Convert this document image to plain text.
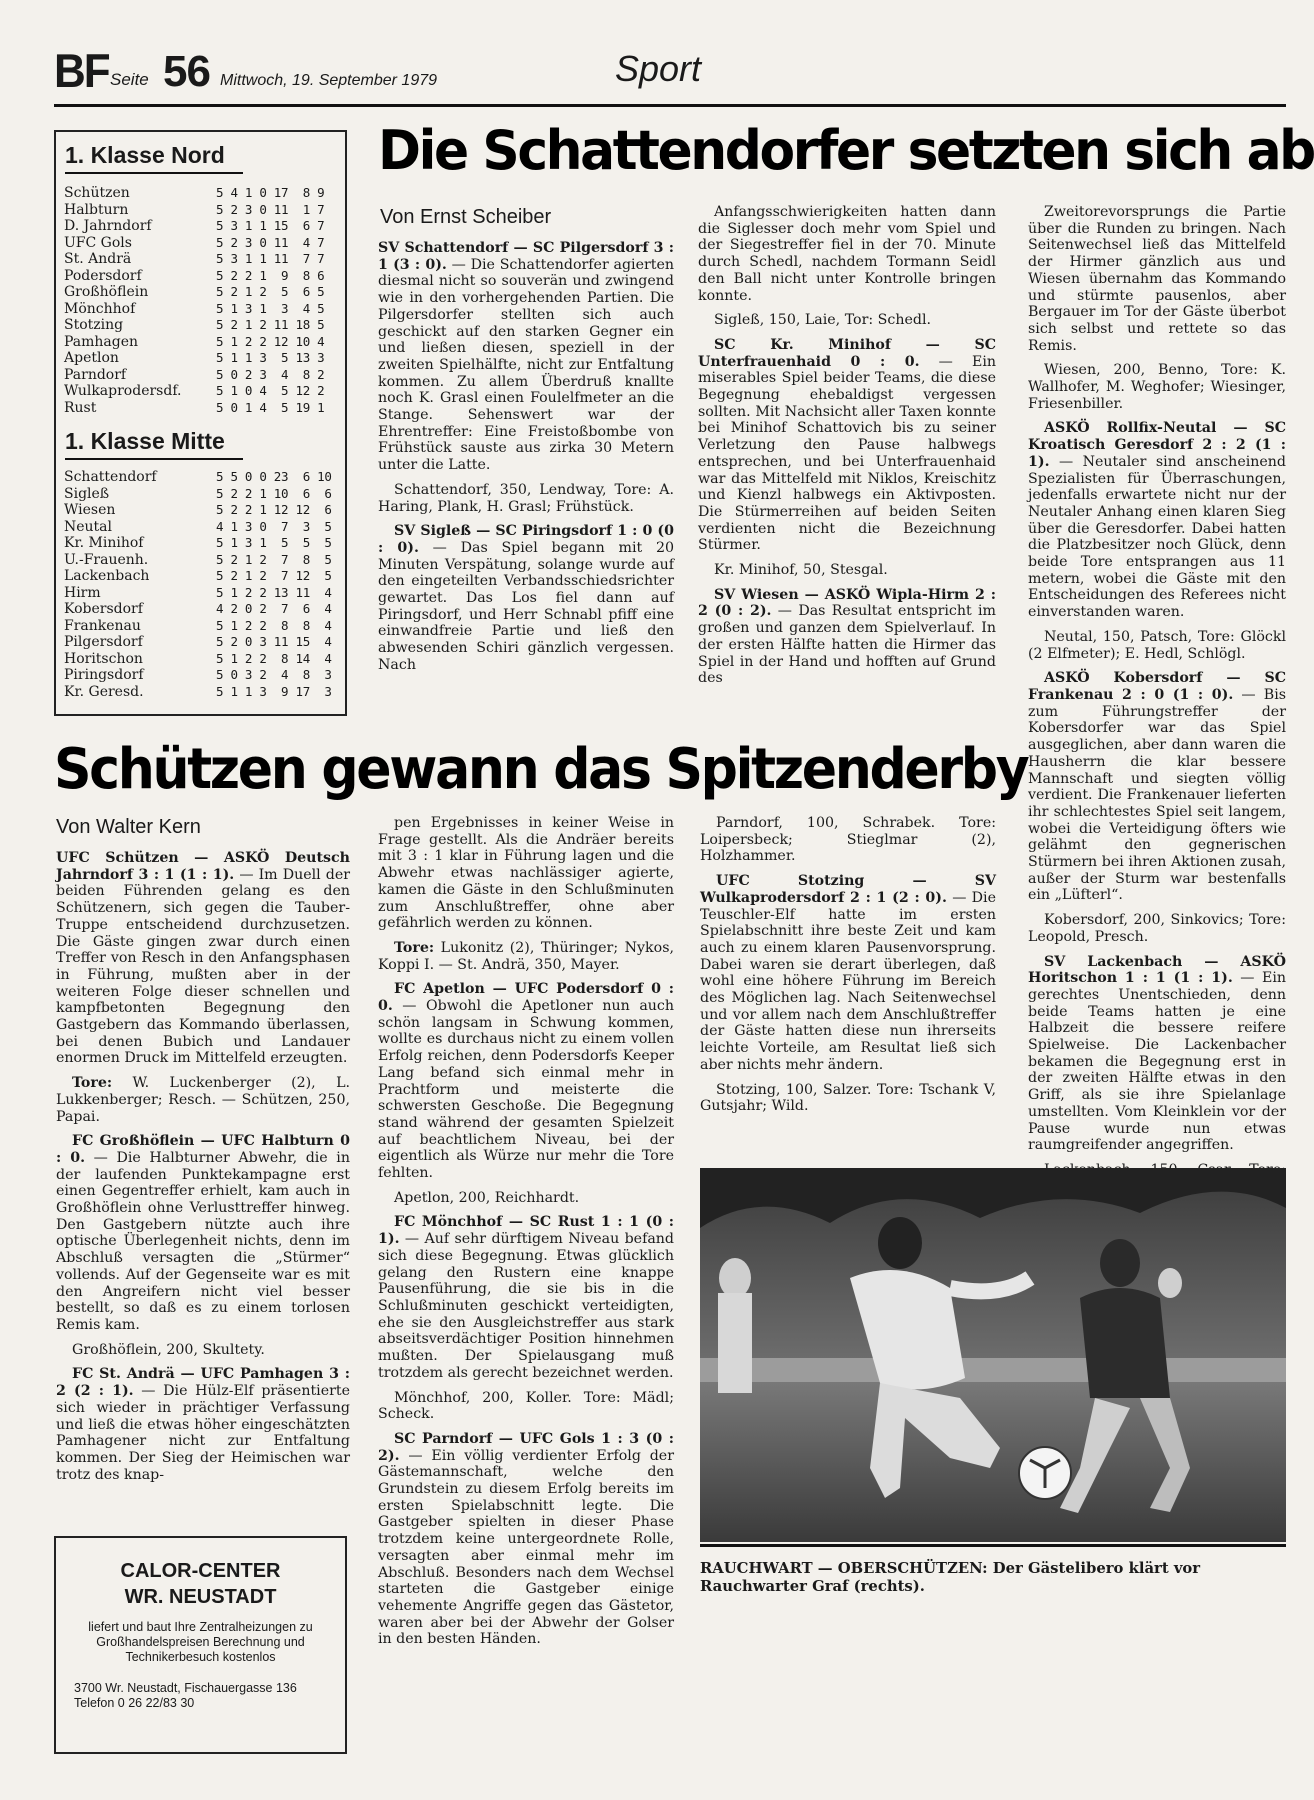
BF Seite 56 Mittwoch, 19. September 1979	Sport
1. Klasse Nord
Schützen	5 4 1 0 17  8 9
Halbturn	5 2 3 0 11  1 7
D. Jahrndorf	5 3 1 1 15  6 7
UFC Gols	5 2 3 0 11  4 7
St. Andrä	5 3 1 1 11  7 7
Podersdorf	5 2 2 1  9  8 6
Großhöflein	5 2 1 2  5  6 5
Mönchhof	5 1 3 1  3  4 5
Stotzing	5 2 1 2 11 18 5
Pamhagen	5 1 2 2 12 10 4
Apetlon	5 1 1 3  5 13 3
Parndorf	5 0 2 3  4  8 2
Wulkaprodersdf.	5 1 0 4  5 12 2
Rust	5 0 1 4  5 19 1
1. Klasse Mitte
Schattendorf	5 5 0 0 23  6 10
Sigleß	5 2 2 1 10  6  6
Wiesen	5 2 2 1 12 12  6
Neutal	4 1 3 0  7  3  5
Kr. Minihof	5 1 3 1  5  5  5
U.-Frauenh.	5 2 1 2  7  8  5
Lackenbach	5 2 1 2  7 12  5
Hirm	5 1 2 2 13 11  4
Kobersdorf	4 2 0 2  7  6  4
Frankenau	5 1 2 2  8  8  4
Pilgersdorf	5 2 0 3 11 15  4
Horitschon	5 1 2 2  8 14  4
Piringsdorf	5 0 3 2  4  8  3
Kr. Geresd.	5 1 1 3  9 17  3
Die Schattendorfer setzten sich ab
Von Ernst Scheiber

SV Schattendorf — SC Pilgersdorf 3 : 1 (3 : 0). — Die Schattendorfer agierten diesmal nicht so souverän und zwingend wie in den vorhergehenden Partien. Die Pilgersdorfer stellten sich auch geschickt auf den starken Gegner ein und ließen diesen, speziell in der zweiten Spielhälfte, nicht zur Entfaltung kommen. Zu allem Überdruß knallte noch K. Grasl einen Foulelfmeter an die Stange. Sehenswert war der Ehrentreffer: Eine Freistoßbombe von Frühstück sauste aus zirka 30 Metern unter die Latte.

Schattendorf, 350, Lendway, Tore: A. Haring, Plank, H. Grasl; Frühstück.

SV Sigleß — SC Piringsdorf 1 : 0 (0 : 0). — Das Spiel begann mit 20 Minuten Verspätung, solange wurde auf den eingeteilten Verbandsschiedsrichter gewartet. Das Los fiel dann auf Piringsdorf, und Herr Schnabl pfiff eine einwandfreie Partie und ließ den abwesenden Schiri gänzlich vergessen. Nach

Anfangsschwierigkeiten hatten dann die Siglesser doch mehr vom Spiel und der Siegestreffer fiel in der 70. Minute durch Schedl, nachdem Tormann Seidl den Ball nicht unter Kontrolle bringen konnte.

Sigleß, 150, Laie, Tor: Schedl.

SC Kr. Minihof — SC Unterfrauenhaid 0 : 0. — Ein miserables Spiel beider Teams, die diese Begegnung ehebaldigst vergessen sollten. Mit Nachsicht aller Taxen konnte bei Minihof Schattovich bis zu seiner Verletzung den Pause halbwegs entsprechen, und bei Unterfrauenhaid war das Mittelfeld mit Niklos, Kreischitz und Kienzl halbwegs ein Aktivposten. Die Stürmerreihen auf beiden Seiten verdienten nicht die Bezeichnung Stürmer.

Kr. Minihof, 50, Stesgal.

SV Wiesen — ASKÖ Wipla-Hirm 2 : 2 (0 : 2). — Das Resultat entspricht im großen und ganzen dem Spielverlauf. In der ersten Hälfte hatten die Hirmer das Spiel in der Hand und hofften auf Grund des

Zweitorevorsprungs die Partie über die Runden zu bringen. Nach Seitenwechsel ließ das Mittelfeld der Hirmer gänzlich aus und Wiesen übernahm das Kommando und stürmte pausenlos, aber Bergauer im Tor der Gäste überbot sich selbst und rettete so das Remis.

Wiesen, 200, Benno, Tore: K. Wallhofer, M. Weghofer; Wiesinger, Friesenbiller.

ASKÖ Rollfix-Neutal — SC Kroatisch Geresdorf 2 : 2 (1 : 1). — Neutaler sind anscheinend Spezialisten für Überraschungen, jedenfalls erwartete nicht nur der Neutaler Anhang einen klaren Sieg über die Geresdorfer. Dabei hatten die Platzbesitzer noch Glück, denn beide Tore entsprangen aus 11 metern, wobei die Gäste mit den Entscheidungen des Referees nicht einverstanden waren.

Neutal, 150, Patsch, Tore: Glöckl (2 Elfmeter); E. Hedl, Schlögl.

ASKÖ Kobersdorf — SC Frankenau 2 : 0 (1 : 0). — Bis zum Führungstreffer der Kobersdorfer war das Spiel ausgeglichen, aber dann waren die Hausherrn die klar bessere Mannschaft und siegten völlig verdient. Die Frankenauer lieferten ihr schlechtestes Spiel seit langem, wobei die Verteidigung öfters wie gelähmt den gegnerischen Stürmern bei ihren Aktionen zusah, außer der Sturm war bestenfalls ein „Lüfterl“.

Kobersdorf, 200, Sinkovics; Tore: Leopold, Presch.

SV Lackenbach — ASKÖ Horitschon 1 : 1 (1 : 1). — Ein gerechtes Unentschieden, denn beide Teams hatten je eine Halbzeit die bessere reifere Spielweise. Die Lackenbacher bekamen die Begegnung erst in der zweiten Hälfte etwas in den Griff, als sie ihre Spielanlage umstellten. Vom Kleinklein vor der Pause wurde nun etwas raumgreifender angegriffen.

Schützen gewann das Spitzenderby
Von Walter Kern

UFC Schützen — ASKÖ Deutsch Jahrndorf 3 : 1 (1 : 1). — Im Duell der beiden Führenden gelang es den Schützenern, sich gegen die Tauber-Truppe entscheidend durchzusetzen. Die Gäste gingen zwar durch einen Treffer von Resch in den Anfangsphasen in Führung, mußten aber in der weiteren Folge dieser schnellen und kampfbetonten Begegnung den Gastgebern das Kommando überlassen, bei denen Bubich und Landauer enormen Druck im Mittelfeld erzeugten.

Tore: W. Luckenberger (2), L. Lukkenberger; Resch. — Schützen, 250, Papai.

FC Großhöflein — UFC Halbturn 0 : 0. — Die Halbturner Abwehr, die in der laufenden Punktekampagne erst einen Gegentreffer erhielt, kam auch in Großhöflein ohne Verlusttreffer hinweg. Den Gastgebern nützte auch ihre optische Überlegenheit nichts, denn im Abschluß versagten die „Stürmer“ vollends. Auf der Gegenseite war es mit den Angreifern nicht viel besser bestellt, so daß es zu einem torlosen Remis kam.

Großhöflein, 200, Skultety.

FC St. Andrä — UFC Pamhagen 3 : 2 (2 : 1). — Die Hülz-Elf präsentierte sich wieder in prächtiger Verfassung und ließ die etwas höher eingeschätzten Pamhagener nicht zur Entfaltung kommen. Der Sieg der Heimischen war trotz des knap-

pen Ergebnisses in keiner Weise in Frage gestellt. Als die Andräer bereits mit 3 : 1 klar in Führung lagen und die Abwehr etwas nachlässiger agierte, kamen die Gäste in den Schlußminuten zum Anschlußtreffer, ohne aber gefährlich werden zu können.

Tore: Lukonitz (2), Thüringer; Nykos, Koppi I. — St. Andrä, 350, Mayer.

FC Apetlon — UFC Podersdorf 0 : 0. — Obwohl die Apetloner nun auch schön langsam in Schwung kommen, wollte es durchaus nicht zu einem vollen Erfolg reichen, denn Podersdorfs Keeper Lang befand sich einmal mehr in Prachtform und meisterte die schwersten Geschoße. Die Begegnung stand während der gesamten Spielzeit auf beachtlichem Niveau, bei der eigentlich als Würze nur mehr die Tore fehlten.

Apetlon, 200, Reichhardt.

FC Mönchhof — SC Rust 1 : 1 (0 : 1). — Auf sehr dürftigem Niveau befand sich diese Begegnung. Etwas glücklich gelang den Rustern eine knappe Pausenführung, die sie bis in die Schlußminuten geschickt verteidigten, ehe sie den Ausgleichstreffer aus stark abseitsverdächtiger Position hinnehmen mußten. Der Spielausgang muß trotzdem als gerecht bezeichnet werden.

Mönchhof, 200, Koller. Tore: Mädl; Scheck.

SC Parndorf — UFC Gols 1 : 3 (0 : 2). — Ein völlig verdienter Erfolg der Gästemannschaft, welche den Grundstein zu diesem Erfolg bereits im ersten Spielabschnitt legte. Die Gastgeber spielten in dieser Phase trotzdem keine untergeordnete Rolle, versagten aber einmal mehr im Abschluß. Besonders nach dem Wechsel starteten die Gastgeber einige vehemente Angriffe gegen das Gästetor, waren aber bei der Abwehr der Golser in den besten Händen.

Parndorf, 100, Schrabek. Tore: Loipersbeck; Stieglmar (2), Holzhammer.

UFC Stotzing — SV Wulkaprodersdorf 2 : 1 (2 : 0). — Die Teuschler-Elf hatte im ersten Spielabschnitt ihre beste Zeit und kam auch zu einem klaren Pausenvorsprung. Dabei waren sie derart überlegen, daß wohl eine höhere Führung im Bereich des Möglichen lag. Nach Seitenwechsel und vor allem nach dem Anschlußtreffer der Gäste hatten diese nun ihrerseits leichte Vorteile, am Resultat ließ sich aber nichts mehr ändern.

Stotzing, 100, Salzer. Tore: Tschank V, Gutsjahr; Wild.

CALOR-CENTER
WR. NEUSTADT
liefert und baut Ihre Zentralheizungen zu Großhandelspreisen Berechnung und Technikerbesuch kostenlos
3700 Wr. Neustadt, Fischauergasse 136
Telefon 0 26 22/83 30
RAUCHWART — OBERSCHÜTZEN: Der Gästelibero klärt vor Rauchwarter Graf (rechts).
